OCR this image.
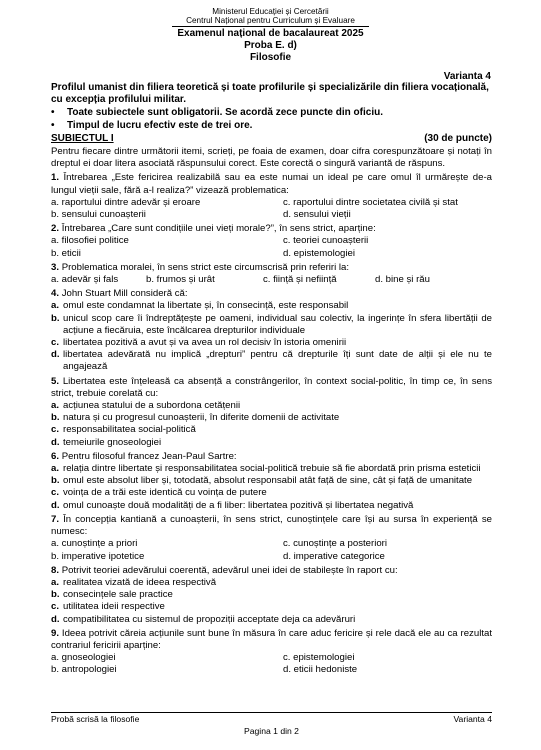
Ministerul Educației și Cercetării
Centrul Național pentru Curriculum și Evaluare
Examenul național de bacalaureat 2025
Proba E. d)
Filosofie
Varianta 4
Profilul umanist din filiera teoretică și toate profilurile și specializările din filiera vocațională, cu excepția profilului militar.
• Toate subiectele sunt obligatorii. Se acordă zece puncte din oficiu.
• Timpul de lucru efectiv este de trei ore.
SUBIECTUL I	(30 de puncte)

Pentru fiecare dintre următorii itemi, scrieți, pe foaia de examen, doar cifra corespunzătoare și notați în dreptul ei doar litera asociată răspunsului corect. Este corectă o singură variantă de răspuns.

1. Întrebarea „Este fericirea realizabilă sau ea este numai un ideal pe care omul îl urmărește de-a lungul vieții sale, fără a-l realiza?” vizează problematica:

a. raportului dintre adevăr și eroare	c. raportului dintre societatea civilă și stat
b. sensului cunoașterii	d. sensului vieții

2. Întrebarea „Care sunt condițiile unei vieți morale?”, în sens strict, aparține:

a. filosofiei politice	c. teoriei cunoașterii
b. eticii	d. epistemologiei

3. Problematica moralei, în sens strict este circumscrisă prin referiri la:

a. adevăr și fals	b. frumos și urât	c. ființă și neființă	d. bine și rău

4. John Stuart Mill consideră că:

a. omul este condamnat la libertate și, în consecință, este responsabil
b. unicul scop care îi îndreptățește pe oameni, individual sau colectiv, la ingerințe în sfera libertății de acțiune a fiecăruia, este încălcarea drepturilor individuale
c. libertatea pozitivă a avut și va avea un rol decisiv în istoria omenirii
d. libertatea adevărată nu implică „drepturi” pentru că drepturile îți sunt date de alții și ele nu te angajează

5. Libertatea este înțeleasă ca absență a constrângerilor, în context social-politic, în timp ce, în sens strict, trebuie corelată cu:

a. acțiunea statului de a subordona cetățenii
b. natura și cu progresul cunoașterii, în diferite domenii de activitate
c. responsabilitatea social-politică
d. temeiurile gnoseologiei

6. Pentru filosoful francez Jean-Paul Sartre:

a. relația dintre libertate și responsabilitatea social-politică trebuie să fie abordată prin prisma esteticii
b. omul este absolut liber și, totodată, absolut responsabil atât față de sine, cât și față de umanitate
c. voința de a trăi este identică cu voința de putere
d. omul cunoaște două modalități de a fi liber: libertatea pozitivă și libertatea negativă

7. În concepția kantiană a cunoașterii, în sens strict, cunoștințele care își au sursa în experiență se numesc:

a. cunoștințe a priori	c. cunoștințe a posteriori
b. imperative ipotetice	d. imperative categorice

8. Potrivit teoriei adevărului coerentă, adevărul unei idei de stabilește în raport cu:

a. realitatea vizată de ideea respectivă
b. consecințele sale practice
c. utilitatea ideii respective
d. compatibilitatea cu sistemul de propoziții acceptate deja ca adevăruri

9. Ideea potrivit căreia acțiunile sunt bune în măsura în care aduc fericire și rele dacă ele au ca rezultat contrariul fericirii aparține:

a. gnoseologiei	c. epistemologiei
b. antropologiei	d. eticii hedoniste
Probă scrisă la filosofie	Varianta 4
Pagina 1 din 2
